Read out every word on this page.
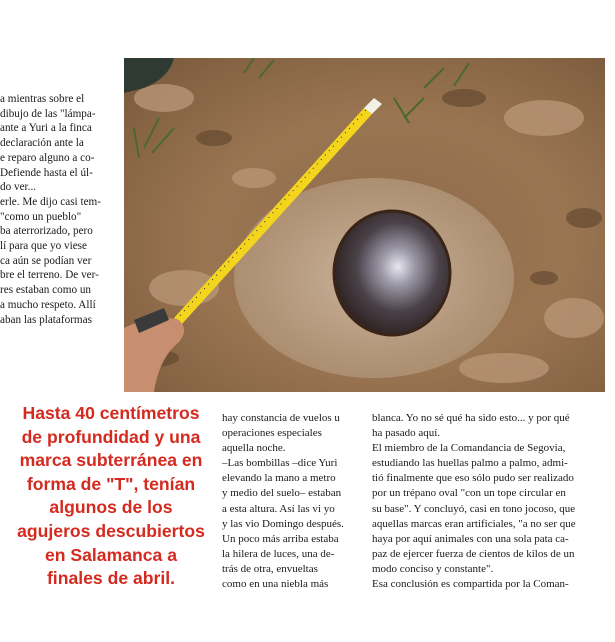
a mientras sobre el

dibujo de las "lámpa-

ante a Yuri a la finca

declaración ante la

e reparo alguno a co-

Defiende hasta el úl-

do ver...

erle. Me dijo casi tem-

"como un pueblo"

ba aterrorizado, pero

lí para que yo viese

ca aún se podían ver

bre el terreno. De ver-

res estaban como un

a mucho respeto. Allí

aban las plataformas

Hasta 40 centímetros
de profundidad y una
marca subterránea en
forma de "T", tenían
algunos de los
agujeros descubiertos
en Salamanca a
finales de abril.

hay constancia de vuelos u

operaciones especiales

aquella noche.

–Las bombillas –dice Yuri

elevando la mano a metro

y medio del suelo– estaban

a esta altura. Así las vi yo

y las vio Domingo después.

Un poco más arriba estaba

la hilera de luces, una de-

trás de otra, envueltas

como en una niebla más

blanca. Yo no sé qué ha sido esto... y por qué

ha pasado aquí.

El miembro de la Comandancia de Segovia,

estudiando las huellas palmo a palmo, admi-

tió finalmente que eso sólo pudo ser realizado

por un trépano oval "con un tope circular en

su base". Y concluyó, casi en tono jocoso, que

aquellas marcas eran artificiales, "a no ser que

haya por aquí animales con una sola pata ca-

paz de ejercer fuerza de cientos de kilos de un

modo conciso y constante".

Esa conclusión es compartida por la Coman-
